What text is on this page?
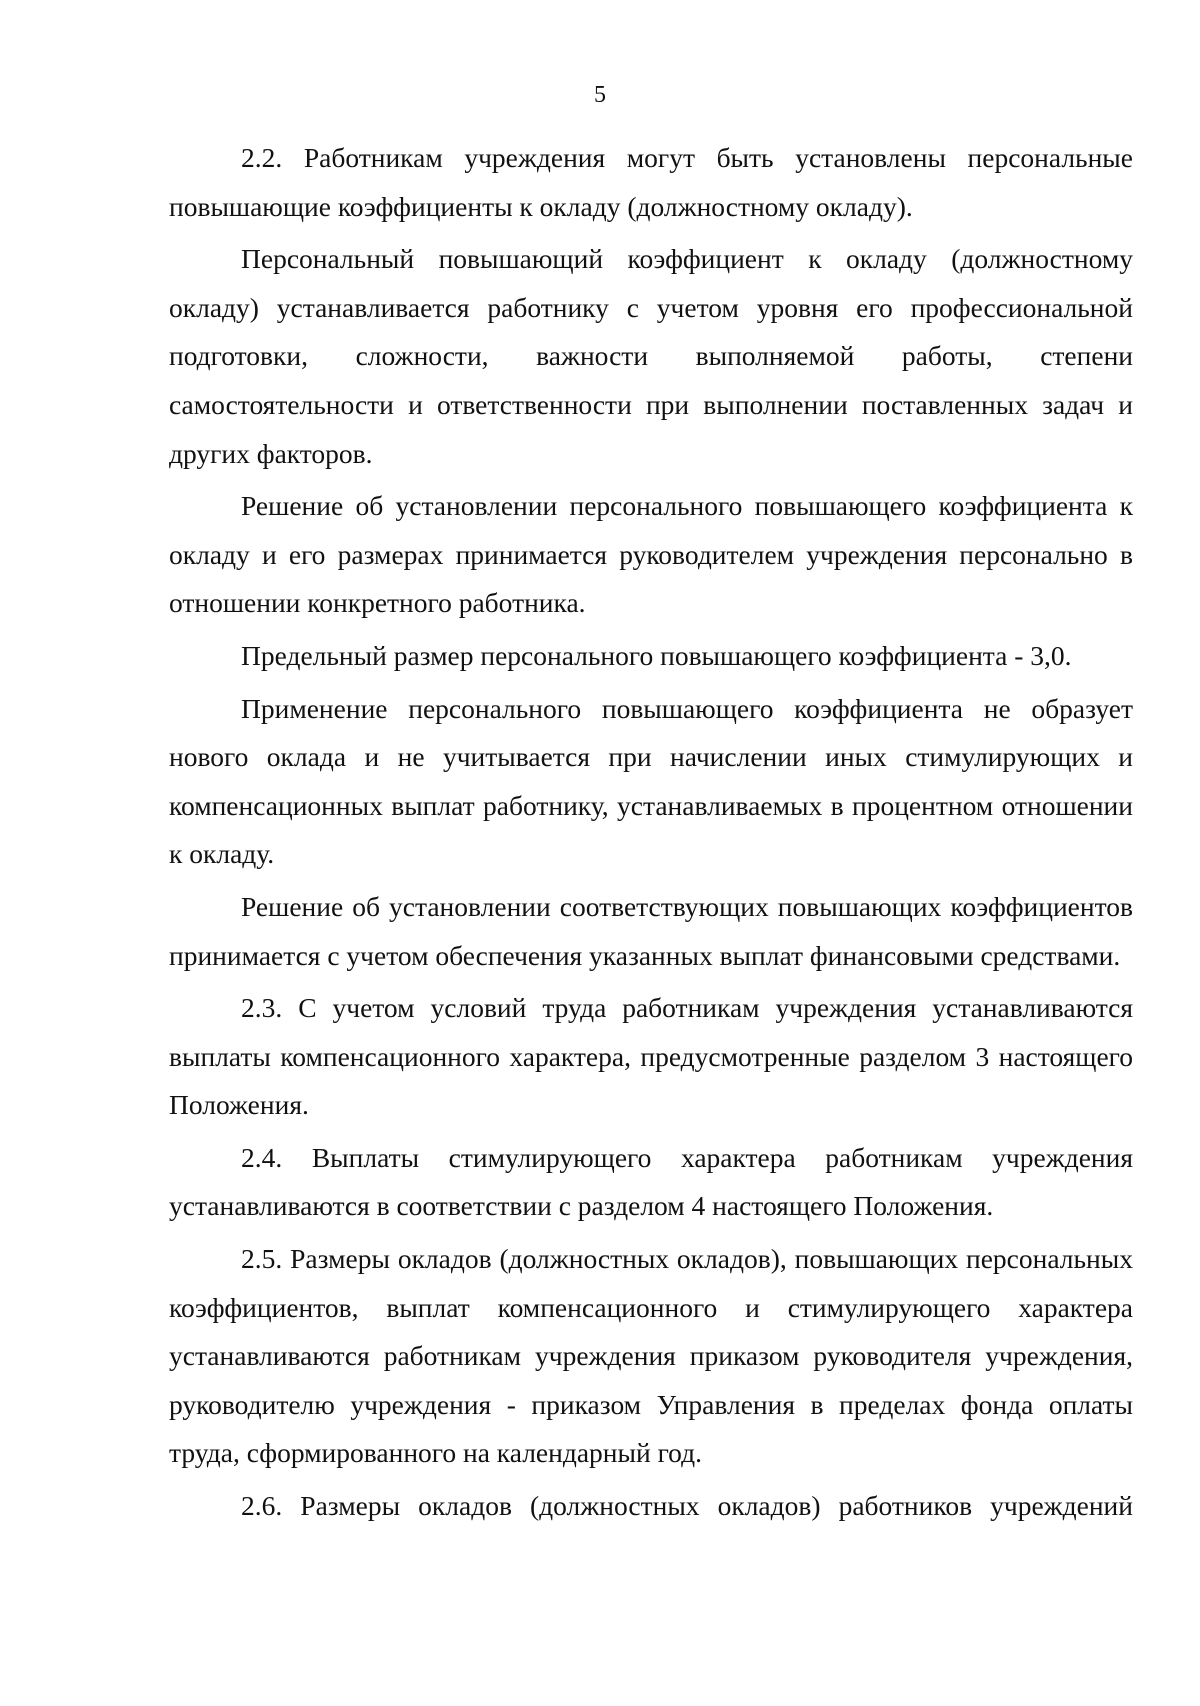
5

2.2. Работникам учреждения могут быть установлены персональные повышающие коэффициенты к окладу (должностному окладу).

Персональный повышающий коэффициент к окладу (должностному окладу) устанавливается работнику с учетом уровня его профессиональной подготовки, сложности, важности выполняемой работы, степени самостоятельности и ответственности при выполнении поставленных задач и других факторов.

Решение об установлении персонального повышающего коэффициента к окладу и его размерах принимается руководителем учреждения персонально в отношении конкретного работника.

Предельный размер персонального повышающего коэффициента - 3,0.

Применение персонального повышающего коэффициента не образует нового оклада и не учитывается при начислении иных стимулирующих и компенсационных выплат работнику, устанавливаемых в процентном отношении к окладу.

Решение об установлении соответствующих повышающих коэффициентов принимается с учетом обеспечения указанных выплат финансовыми средствами.

2.3. С учетом условий труда работникам учреждения устанавливаются выплаты компенсационного характера, предусмотренные разделом 3 настоящего Положения.

2.4. Выплаты стимулирующего характера работникам учреждения устанавливаются в соответствии с разделом 4 настоящего Положения.

2.5. Размеры окладов (должностных окладов), повышающих персональных коэффициентов, выплат компенсационного и стимулирующего характера устанавливаются работникам учреждения приказом руководителя учреждения, руководителю учреждения - приказом Управления в пределах фонда оплаты труда, сформированного на календарный год.

2.6. Размеры окладов (должностных окладов) работников учреждений
